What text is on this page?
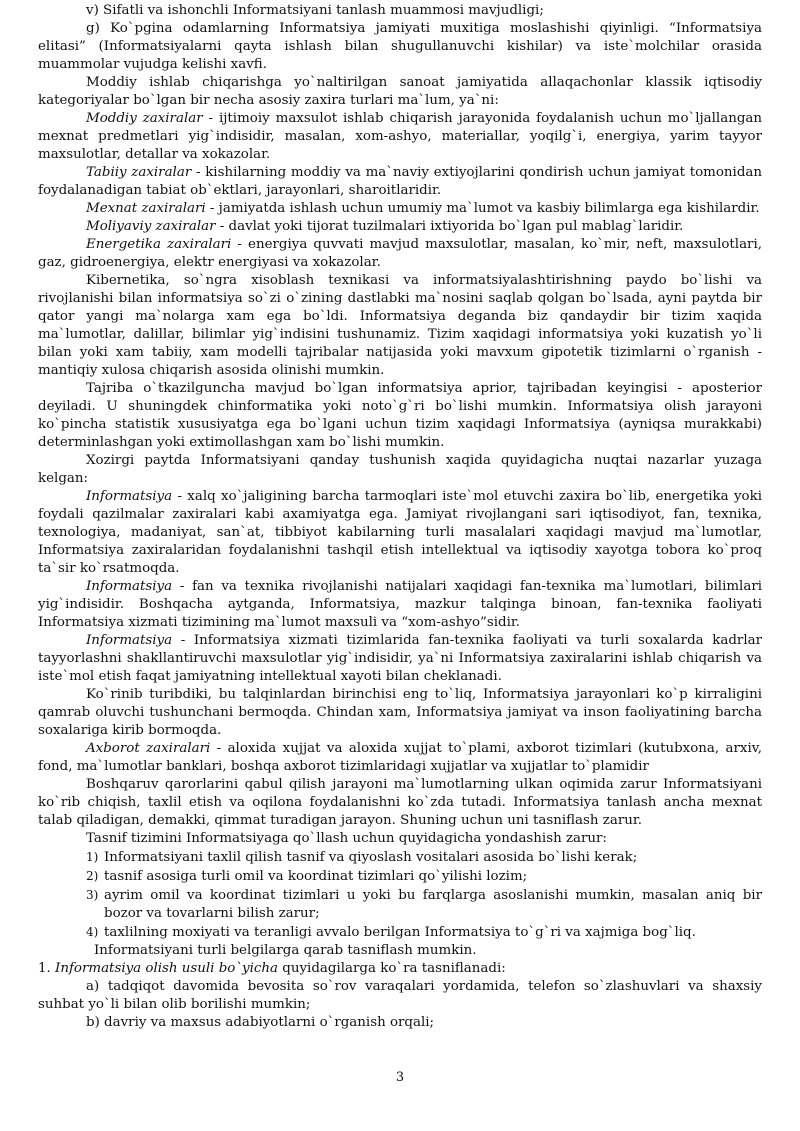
v) Sifatli va ishonchli Informatsiyani tanlash muammosi mavjudligi;

g) Ko`pgina odamlarning Informatsiya jamiyati muxitiga moslashishi qiyinligi. “Informatsiya elitasi” (Informatsiyalarni qayta ishlash bilan shugullanuvchi kishilar) va iste`molchilar orasida muammolar vujudga kelishi xavfi.

Moddiy ishlab chiqarishga yo`naltirilgan sanoat jamiyatida allaqachonlar klassik iqtisodiy kategoriyalar bo`lgan bir necha asosiy zaxira turlari ma`lum, ya`ni:

Moddiy zaxiralar - ijtimoiy maxsulot ishlab chiqarish jarayonida foydalanish uchun mo`ljallangan mexnat predmetlari yig`indisidir, masalan, xom-ashyo, materiallar, yoqilg`i, energiya, yarim tayyor maxsulotlar, detallar va xokazolar.

Tabiiy zaxiralar - kishilarning moddiy va ma`naviy extiyojlarini qondirish uchun jamiyat tomonidan foydalanadigan tabiat ob`ektlari, jarayonlari, sharoitlaridir.

Mexnat zaxiralari - jamiyatda ishlash uchun umumiy ma`lumot va kasbiy bilimlarga ega kishilardir.

Moliyaviy zaxiralar - davlat yoki tijorat tuzilmalari ixtiyorida bo`lgan pul mablag`laridir.

Energetika zaxiralari - energiya quvvati mavjud maxsulotlar, masalan, ko`mir, neft, maxsulotlari, gaz, gidroenergiya, elektr energiyasi va xokazolar.

Kibernetika, so`ngra xisoblash texnikasi va informatsiyalashtirishning paydo bo`lishi va rivojlanishi bilan informatsiya so`zi o`zining dastlabki ma`nosini saqlab qolgan bo`lsada, ayni paytda bir qator yangi ma`nolarga xam ega bo`ldi. Informatsiya deganda biz qandaydir bir tizim xaqida ma`lumotlar, dalillar, bilimlar yig`indisini tushunamiz. Tizim xaqidagi informatsiya yoki kuzatish yo`li bilan yoki xam tabiiy, xam modelli tajribalar natijasida yoki mavxum gipotetik tizimlarni o`rganish - mantiqiy xulosa chiqarish asosida olinishi mumkin.

Tajriba o`tkazilguncha mavjud bo`lgan informatsiya aprior, tajribadan keyingisi - aposterior deyiladi. U shuningdek chinformatika yoki noto`g`ri bo`lishi mumkin. Informatsiya olish jarayoni ko`pincha statistik xususiyatga ega bo`lgani uchun tizim xaqidagi Informatsiya (ayniqsa murakkabi) determinlashgan yoki extimollashgan xam bo`lishi mumkin.

Xozirgi paytda Informatsiyani qanday tushunish xaqida quyidagicha nuqtai nazarlar yuzaga kelgan:

Informatsiya - xalq xo`jaligining barcha tarmoqlari iste`mol etuvchi zaxira bo`lib, energetika yoki foydali qazilmalar zaxiralari kabi axamiyatga ega. Jamiyat rivojlangani sari iqtisodiyot, fan, texnika, texnologiya, madaniyat, san`at, tibbiyot kabilarning turli masalalari xaqidagi mavjud ma`lumotlar, Informatsiya zaxiralaridan foydalanishni tashqil etish intellektual va iqtisodiy xayotga tobora ko`proq ta`sir ko`rsatmoqda.

Informatsiya - fan va texnika rivojlanishi natijalari xaqidagi fan-texnika ma`lumotlari, bilimlari yig`indisidir. Boshqacha aytganda, Informatsiya, mazkur talqinga binoan, fan-texnika faoliyati Informatsiya xizmati tizimining ma`lumot maxsuli va “xom-ashyo”sidir.

Informatsiya - Informatsiya xizmati tizimlarida fan-texnika faoliyati va turli soxalarda kadrlar tayyorlashni shakllantiruvchi maxsulotlar yig`indisidir, ya`ni Informatsiya zaxiralarini ishlab chiqarish va iste`mol etish faqat jamiyatning intellektual xayoti bilan cheklanadi.

Ko`rinib turibdiki, bu talqinlardan birinchisi eng to`liq, Informatsiya jarayonlari ko`p kirraligini qamrab oluvchi tushunchani bermoqda. Chindan xam, Informatsiya jamiyat va inson faoliyatining barcha soxalariga kirib bormoqda.

Axborot zaxiralari - aloxida xujjat va aloxida xujjat to`plami, axborot tizimlari (kutubxona, arxiv, fond, ma`lumotlar banklari, boshqa axborot tizimlaridagi xujjatlar va xujjatlar to`plamidir

Boshqaruv qarorlarini qabul qilish jarayoni ma`lumotlarning ulkan oqimida zarur Informatsiyani ko`rib chiqish, taxlil etish va oqilona foydalanishni ko`zda tutadi. Informatsiya tanlash ancha mexnat talab qiladigan, demakki, qimmat turadigan jarayon. Shuning uchun uni tasniflash zarur.

Tasnif tizimini Informatsiyaga qo`llash uchun quyidagicha yondashish zarur:

1) Informatsiyani taxlil qilish tasnif va qiyoslash vositalari asosida bo`lishi kerak;
2) tasnif asosiga turli omil va koordinat tizimlari qo`yilishi lozim;
3) ayrim omil va koordinat tizimlari u yoki bu farqlarga asoslanishi mumkin, masalan aniq bir bozor va tovarlarni bilish zarur;
4) taxlilning moxiyati va teranligi avvalo berilgan Informatsiya to`g`ri va xajmiga bog`liq.

Informatsiyani turli belgilarga qarab tasniflash mumkin.

1. Informatsiya olish usuli bo`yicha quyidagilarga ko`ra tasniflanadi:

a) tadqiqot davomida bevosita so`rov varaqalari yordamida, telefon so`zlashuvlari va shaxsiy suhbat yo`li bilan olib borilishi mumkin;

b) davriy va maxsus adabiyotlarni o`rganish orqali;

3
